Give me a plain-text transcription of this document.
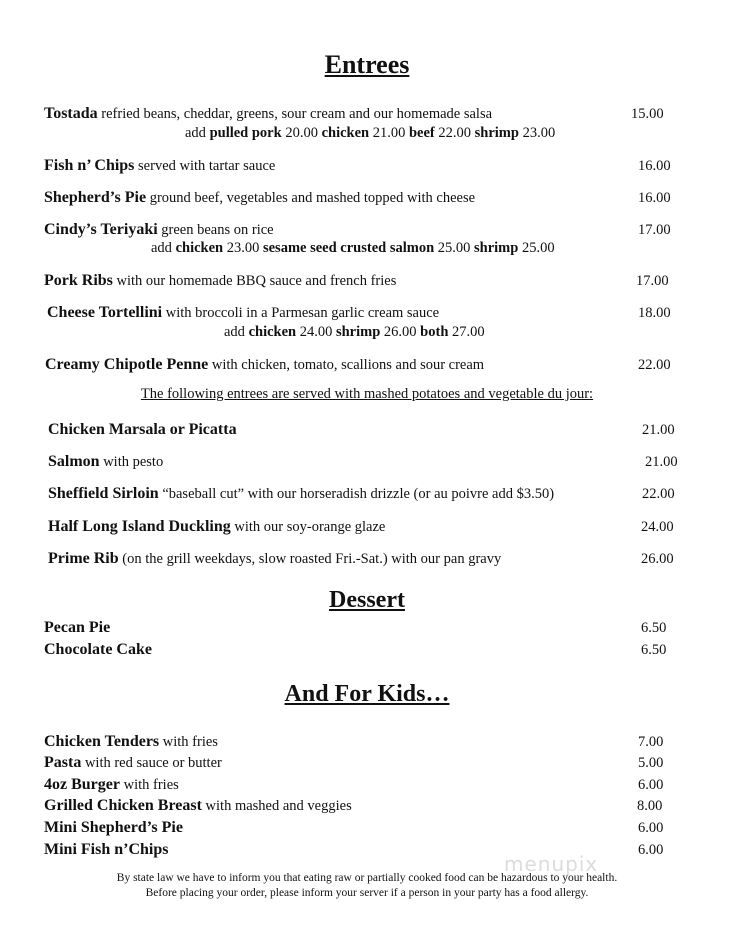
Entrees
Dessert
And For Kids…
Tostada refried beans, cheddar, greens, sour cream and our homemade salsa	15.00
add pulled pork 20.00 chicken 21.00 beef 22.00 shrimp 23.00
Fish n’ Chips served with tartar sauce	16.00
Shepherd’s Pie ground beef, vegetables and mashed topped with cheese	16.00
Cindy’s Teriyaki green beans on rice	17.00
add chicken 23.00 sesame seed crusted salmon 25.00 shrimp 25.00
Pork Ribs with our homemade BBQ sauce and french fries	17.00
Cheese Tortellini with broccoli in a Parmesan garlic cream sauce	18.00
add chicken 24.00 shrimp 26.00 both 27.00
Creamy Chipotle Penne with chicken, tomato, scallions and sour cream	22.00
Chicken Marsala or Picatta	21.00
Salmon with pesto	21.00
Sheffield Sirloin “baseball cut” with our horseradish drizzle (or au poivre add $3.50)	22.00
Half Long Island Duckling with our soy-orange glaze	24.00
Prime Rib (on the grill weekdays, slow roasted Fri.-Sat.) with our pan gravy	26.00
Pecan Pie	6.50
Chocolate Cake	6.50
Chicken Tenders with fries	7.00
Pasta with red sauce or butter	5.00
4oz Burger with fries	6.00
Grilled Chicken Breast with mashed and veggies	8.00
Mini Shepherd’s Pie	6.00
Mini Fish n’Chips	6.00
The following entrees are served with mashed potatoes and vegetable du jour:
By state law we have to inform you that eating raw or partially cooked food can be hazardous to your health.
Before placing your order, please inform your server if a person in your party has a food allergy.
menupix
